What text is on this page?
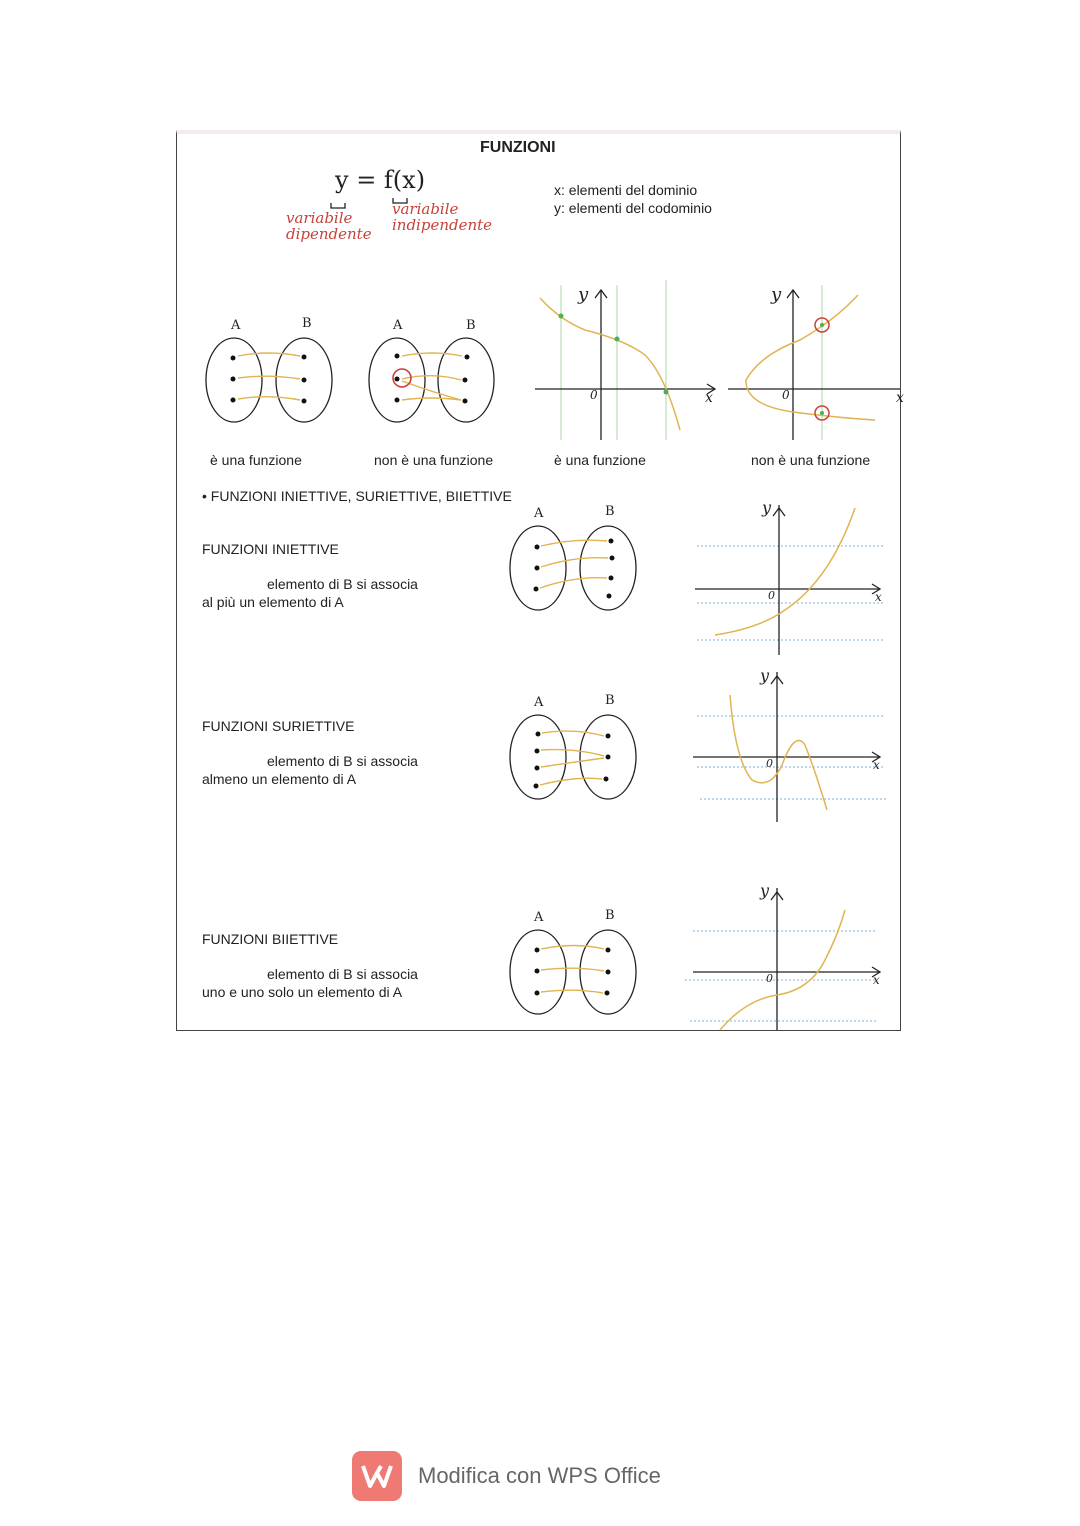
FUNZIONI
y = f(x)
variabile dipendente
variabile indipendente
x: elementi del dominio
y: elementi del codominio
A	B	A	B
y
x
0
y
x
0
è una funzione	non è una funzione	è una funzione	non è una funzione
• FUNZIONI INIETTIVE, SURIETTIVE, BIIETTIVE
FUNZIONI INIETTIVE
elemento di B si associa
al più un elemento di A
A	B	y
x
0
FUNZIONI SURIETTIVE
elemento di B si associa
almeno un elemento di A
A	B
y
x
0
FUNZIONI BIIETTIVE
elemento di B si associa
uno e uno solo un elemento di A
A	B
y
x
0
Modifica con WPS Office
